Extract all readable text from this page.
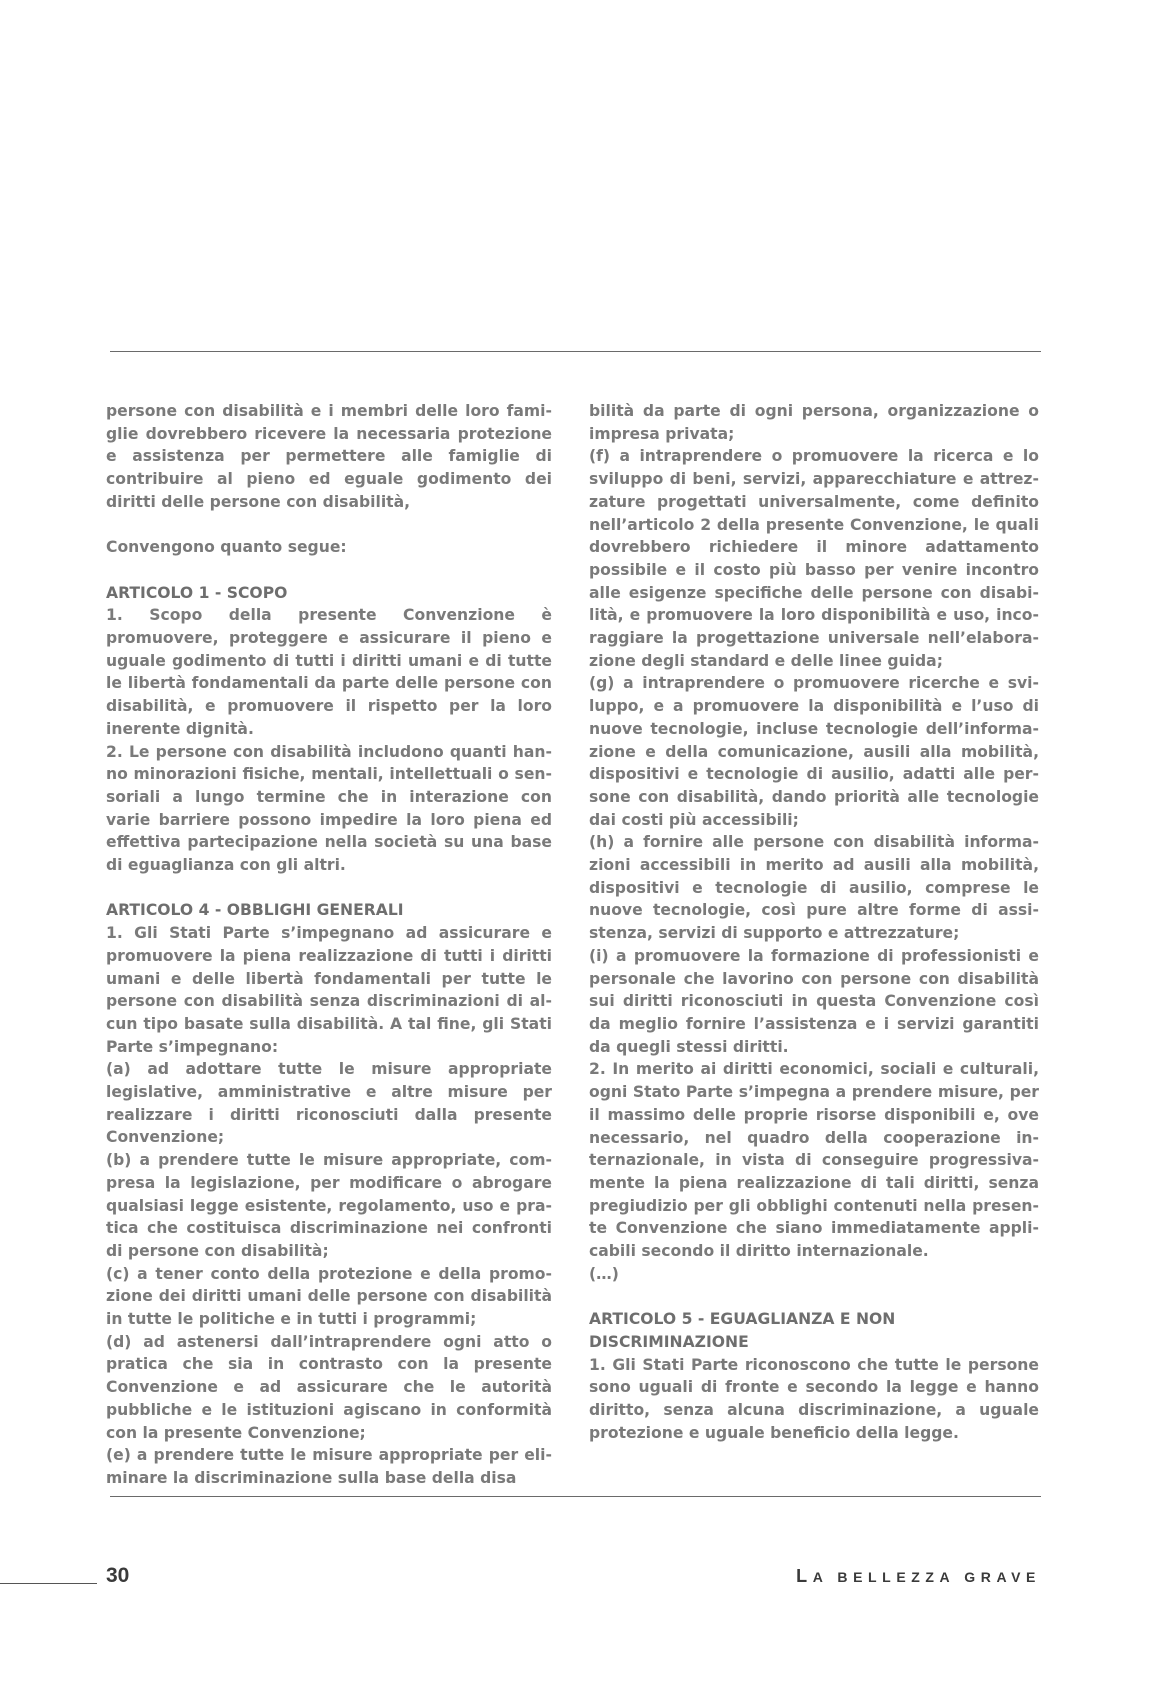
persone con disabilità e i membri delle loro famiglie dovrebbero ricevere la necessaria protezione e assistenza per permettere alle famiglie di contribuire al pieno ed eguale godimento dei diritti delle persone con disabilità,

Convengono quanto segue:

ARTICOLO 1 - SCOPO

1. Scopo della presente Convenzione è promuovere, proteggere e assicurare il pieno e uguale godimento di tutti i diritti umani e di tutte le libertà fondamentali da parte delle persone con disabilità, e promuovere il rispetto per la loro inerente dignità.

2. Le persone con disabilità includono quanti hanno minorazioni fisiche, mentali, intellettuali o sensoriali a lungo termine che in interazione con varie barriere possono impedire la loro piena ed effettiva partecipazione nella società su una base di eguaglianza con gli altri.

ARTICOLO 4 - OBBLIGHI GENERALI

1. Gli Stati Parte s’impegnano ad assicurare e promuovere la piena realizzazione di tutti i diritti umani e delle libertà fondamentali per tutte le persone con disabilità senza discriminazioni di alcun tipo basate sulla disabilità. A tal fine, gli Stati Parte s’impegnano:

(a) ad adottare tutte le misure appropriate legislative, amministrative e altre misure per realizzare i diritti riconosciuti dalla presente Convenzione;

(b) a prendere tutte le misure appropriate, compresa la legislazione, per modificare o abrogare qualsiasi legge esistente, regolamento, uso e pratica che costituisca discriminazione nei confronti di persone con disabilità;

(c) a tener conto della protezione e della promozione dei diritti umani delle persone con disabilità in tutte le politiche e in tutti i programmi;

(d) ad astenersi dall’intraprendere ogni atto o pratica che sia in contrasto con la presente Convenzione e ad assicurare che le autorità pubbliche e le istituzioni agiscano in conformità con la presente Convenzione;

(e) a prendere tutte le misure appropriate per eliminare la discriminazione sulla base della disa

bilità da parte di ogni persona, organizzazione o impresa privata;

(f) a intraprendere o promuovere la ricerca e lo sviluppo di beni, servizi, apparecchiature e attrezzature progettati universalmente, come definito nell’articolo 2 della presente Convenzione, le quali dovrebbero richiedere il minore adattamento possibile e il costo più basso per venire incontro alle esigenze specifiche delle persone con disabilità, e promuovere la loro disponibilità e uso, incoraggiare la progettazione universale nell’elaborazione degli standard e delle linee guida;

(g) a intraprendere o promuovere ricerche e sviluppo, e a promuovere la disponibilità e l’uso di nuove tecnologie, incluse tecnologie dell’informazione e della comunicazione, ausili alla mobilità, dispositivi e tecnologie di ausilio, adatti alle persone con disabilità, dando priorità alle tecnologie dai costi più accessibili;

(h) a fornire alle persone con disabilità informazioni accessibili in merito ad ausili alla mobilità, dispositivi e tecnologie di ausilio, comprese le nuove tecnologie, così pure altre forme di assistenza, servizi di supporto e attrezzature;

(i) a promuovere la formazione di professionisti e personale che lavorino con persone con disabilità sui diritti riconosciuti in questa Convenzione così da meglio fornire l’assistenza e i servizi garantiti da quegli stessi diritti.

2. In merito ai diritti economici, sociali e culturali, ogni Stato Parte s’impegna a prendere misure, per il massimo delle proprie risorse disponibili e, ove necessario, nel quadro della cooperazione internazionale, in vista di conseguire progressivamente la piena realizzazione di tali diritti, senza pregiudizio per gli obblighi contenuti nella presente Convenzione che siano immediatamente applicabili secondo il diritto internazionale.

(…)

ARTICOLO 5 - EGUAGLIANZA E NON
DISCRIMINAZIONE

1. Gli Stati Parte riconoscono che tutte le persone sono uguali di fronte e secondo la legge e hanno diritto, senza alcuna discriminazione, a uguale protezione e uguale beneficio della legge.

30	LA BELLEZZA GRAVE
